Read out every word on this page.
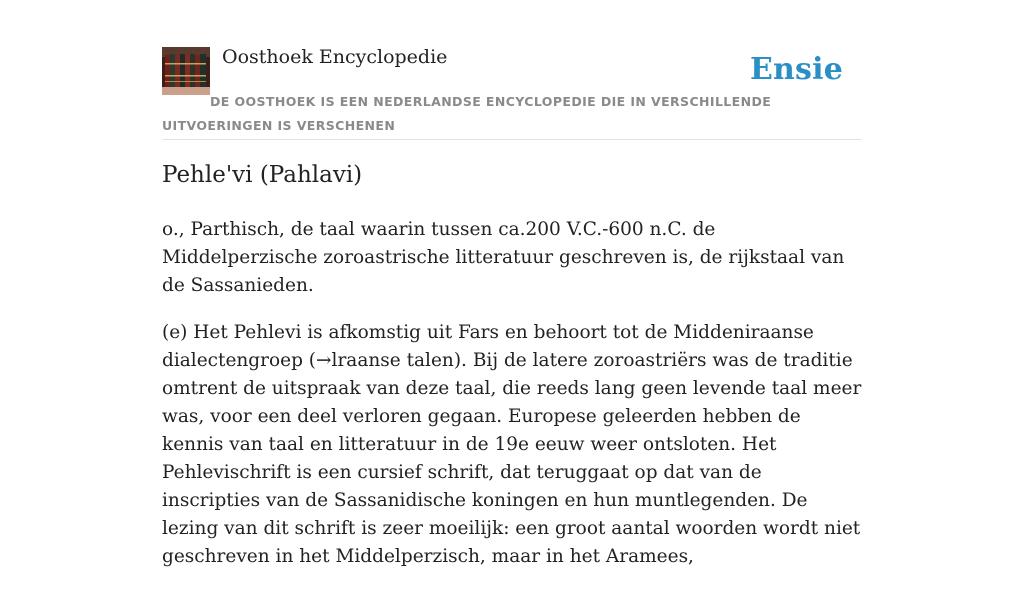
Oosthoek Encyclopedie	Ensie
DE OOSTHOEK IS EEN NEDERLANDSE ENCYCLOPEDIE DIE IN VERSCHILLENDE UITVOERINGEN IS VERSCHENEN
Pehle'vi (Pahlavi)

o., Parthisch, de taal waarin tussen ca.200 V.C.-600 n.C. de Middelperzische zoroastrische litteratuur geschreven is, de rijkstaal van de Sassanieden.

(e) Het Pehlevi is afkomstig uit Fars en behoort tot de Middeniraanse dialectengroep (→lraanse talen). Bij de latere zoroastriërs was de traditie omtrent de uitspraak van deze taal, die reeds lang geen levende taal meer was, voor een deel verloren gegaan. Europese geleerden hebben de kennis van taal en litteratuur in de 19e eeuw weer ontsloten. Het Pehlevischrift is een cursief schrift, dat teruggaat op dat van de inscripties van de Sassanidische koningen en hun muntlegenden. De lezing van dit schrift is zeer moeilijk: een groot aantal woorden wordt niet geschreven in het Middelperzisch, maar in het Aramees,
